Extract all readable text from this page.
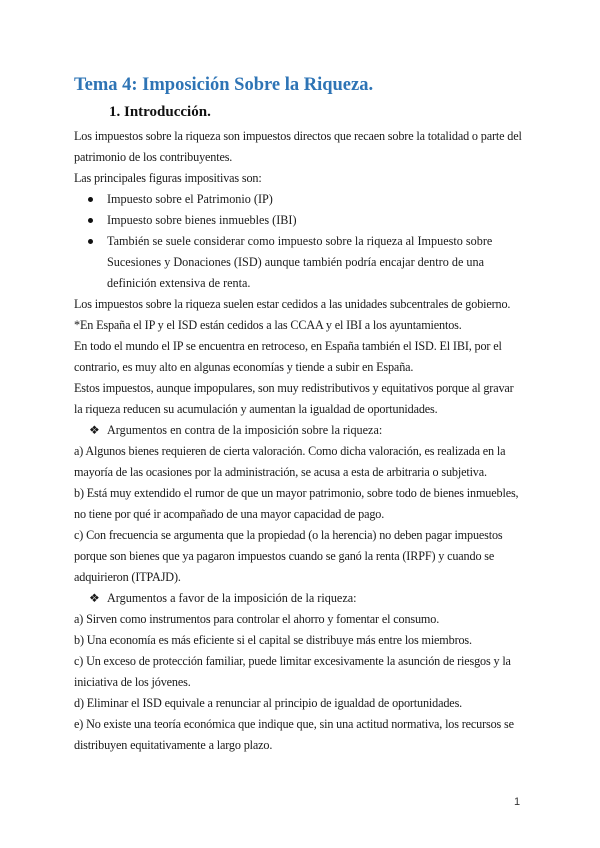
Tema 4: Imposición Sobre la Riqueza.
1. Introducción.

Los impuestos sobre la riqueza son impuestos directos que recaen sobre la totalidad o parte del patrimonio de los contribuyentes.

Las principales figuras impositivas son:

Impuesto sobre el Patrimonio (IP)
Impuesto sobre bienes inmuebles (IBI)
También se suele considerar como impuesto sobre la riqueza al Impuesto sobre Sucesiones y Donaciones (ISD) aunque también podría encajar dentro de una definición extensiva de renta.

Los impuestos sobre la riqueza suelen estar cedidos a las unidades subcentrales de gobierno.

*En España el IP y el ISD están cedidos a las CCAA y el IBI a los ayuntamientos.

En todo el mundo el IP se encuentra en retroceso, en España también el ISD. El IBI, por el contrario, es muy alto en algunas economías y tiende a subir en España.

Estos impuestos, aunque impopulares, son muy redistributivos y equitativos porque al gravar la riqueza reducen su acumulación y aumentan la igualdad de oportunidades.

❖ Argumentos en contra de la imposición sobre la riqueza:

a) Algunos bienes requieren de cierta valoración. Como dicha valoración, es realizada en la mayoría de las ocasiones por la administración, se acusa a esta de arbitraria o subjetiva.

b) Está muy extendido el rumor de que un mayor patrimonio, sobre todo de bienes inmuebles, no tiene por qué ir acompañado de una mayor capacidad de pago.

c) Con frecuencia se argumenta que la propiedad (o la herencia) no deben pagar impuestos porque son bienes que ya pagaron impuestos cuando se ganó la renta (IRPF) y cuando se adquirieron (ITPAJD).

❖ Argumentos a favor de la imposición de la riqueza:

a) Sirven como instrumentos para controlar el ahorro y fomentar el consumo.

b) Una economía es más eficiente si el capital se distribuye más entre los miembros.

c) Un exceso de protección familiar, puede limitar excesivamente la asunción de riesgos y la iniciativa de los jóvenes.

d) Eliminar el ISD equivale a renunciar al principio de igualdad de oportunidades.

e) No existe una teoría económica que indique que, sin una actitud normativa, los recursos se distribuyen equitativamente a largo plazo.

1
